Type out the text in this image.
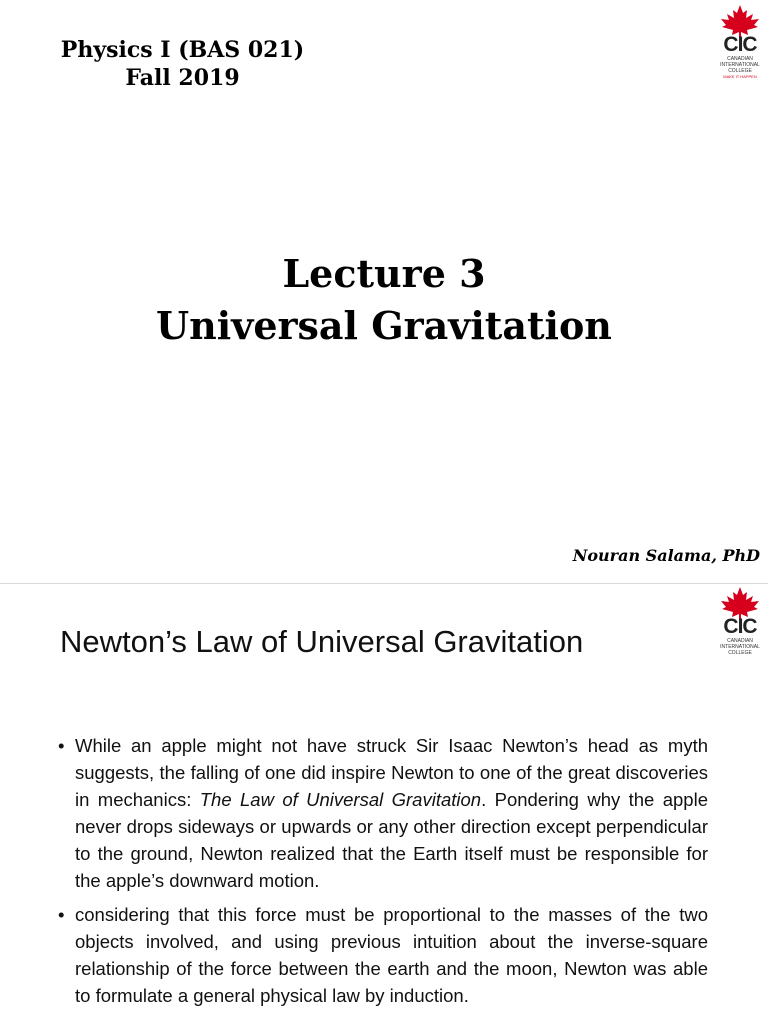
Physics I (BAS 021)
Fall 2019
CIC
CANADIAN
INTERNATIONAL
COLLEGE
MAKE IT HAPPEN
Lecture 3
Universal Gravitation
Nouran Salama, PhD
CIC
CANADIAN
INTERNATIONAL
COLLEGE
Newton’s Law of Universal Gravitation
• While an apple might not have struck Sir Isaac Newton’s head as myth suggests, the falling of one did inspire Newton to one of the great discoveries in mechanics: The Law of Universal Gravitation. Pondering why the apple never drops sideways or upwards or any other direction except perpendicular to the ground, Newton realized that the Earth itself must be responsible for the apple’s downward motion.
• considering that this force must be proportional to the masses of the two objects involved, and using previous intuition about the inverse-square relationship of the force between the earth and the moon, Newton was able to formulate a general physical law by induction.
